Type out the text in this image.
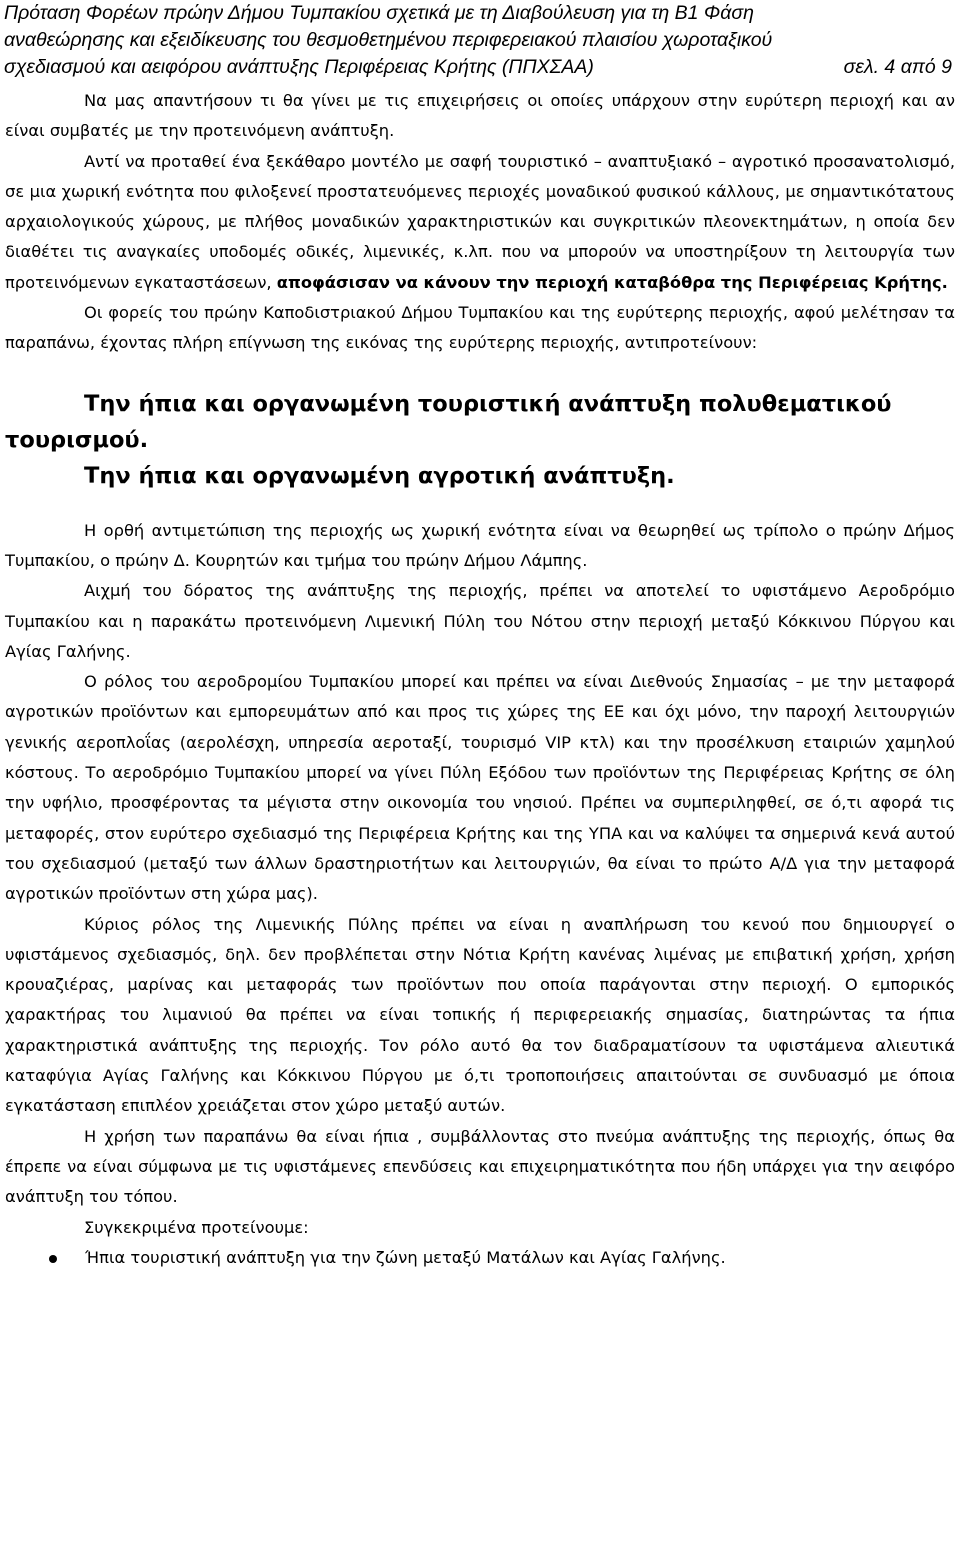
Πρόταση Φορέων πρώην Δήμου Τυμπακίου σχετικά με τη Διαβούλευση για τη Β1 Φάση
αναθεώρησης και εξειδίκευσης του θεσμοθετημένου περιφερειακού πλαισίου χωροταξικού
σχεδιασμού και αειφόρου ανάπτυξης Περιφέρειας Κρήτης (ΠΠΧΣΑΑ)	σελ. 4 από 9

Να μας απαντήσουν τι θα γίνει με τις επιχειρήσεις οι οποίες υπάρχουν στην ευρύτερη περιοχή και αν είναι συμβατές με την προτεινόμενη ανάπτυξη.

Αντί να προταθεί ένα ξεκάθαρο μοντέλο με σαφή τουριστικό – αναπτυξιακό – αγροτικό προσανατολισμό, σε μια χωρική ενότητα που φιλοξενεί προστατευόμενες περιοχές μοναδικού φυσικού κάλλους, με σημαντικότατους αρχαιολογικούς χώρους, με πλήθος μοναδικών χαρακτηριστικών και συγκριτικών πλεονεκτημάτων, η οποία δεν διαθέτει τις αναγκαίες υποδομές οδικές, λιμενικές, κ.λπ. που να μπορούν να υποστηρίξουν τη λειτουργία των προτεινόμενων εγκαταστάσεων, αποφάσισαν να κάνουν την περιοχή καταβόθρα της Περιφέρειας Κρήτης.

Οι φορείς του πρώην Καποδιστριακού Δήμου Τυμπακίου και της ευρύτερης περιοχής, αφού μελέτησαν τα παραπάνω, έχοντας πλήρη επίγνωση της εικόνας της ευρύτερης περιοχής, αντιπροτείνουν:

Την ήπια και οργανωμένη τουριστική ανάπτυξη πολυθεματικού τουρισμού.

Την ήπια και οργανωμένη αγροτική ανάπτυξη.

Η ορθή αντιμετώπιση της περιοχής ως χωρική ενότητα είναι να θεωρηθεί ως τρίπολο ο πρώην Δήμος Τυμπακίου, ο πρώην Δ. Κουρητών και τμήμα του πρώην Δήμου Λάμπης.

Αιχμή του δόρατος της ανάπτυξης της περιοχής, πρέπει να αποτελεί το υφιστάμενο Αεροδρόμιο Τυμπακίου και η παρακάτω προτεινόμενη Λιμενική Πύλη του Νότου στην περιοχή μεταξύ Κόκκινου Πύργου και Αγίας Γαλήνης.

Ο ρόλος του αεροδρομίου Τυμπακίου μπορεί και πρέπει να είναι Διεθνούς Σημασίας – με την μεταφορά αγροτικών προϊόντων και εμπορευμάτων από και προς τις χώρες της ΕΕ και όχι μόνο, την παροχή λειτουργιών γενικής αεροπλοΐας (αερολέσχη, υπηρεσία αεροταξί, τουρισμό VIP κτλ) και την προσέλκυση εταιριών χαμηλού κόστους. Το αεροδρόμιο Τυμπακίου μπορεί να γίνει Πύλη Εξόδου των προϊόντων της Περιφέρειας Κρήτης σε όλη την υφήλιο, προσφέροντας τα μέγιστα στην οικονομία του νησιού. Πρέπει να συμπεριληφθεί, σε ό,τι αφορά τις μεταφορές, στον ευρύτερο σχεδιασμό της Περιφέρεια Κρήτης και της ΥΠΑ και να καλύψει τα σημερινά κενά αυτού του σχεδιασμού (μεταξύ των άλλων δραστηριοτήτων και λειτουργιών, θα είναι το πρώτο Α/Δ για την μεταφορά αγροτικών προϊόντων στη χώρα μας).

Κύριος ρόλος της Λιμενικής Πύλης πρέπει να είναι η αναπλήρωση του κενού που δημιουργεί ο υφιστάμενος σχεδιασμός, δηλ. δεν προβλέπεται στην Νότια Κρήτη κανένας λιμένας με επιβατική χρήση, χρήση κρουαζιέρας, μαρίνας και μεταφοράς των προϊόντων που οποία παράγονται στην περιοχή. Ο εμπορικός χαρακτήρας του λιμανιού θα πρέπει να είναι τοπικής ή περιφερειακής σημασίας, διατηρώντας τα ήπια χαρακτηριστικά ανάπτυξης της περιοχής. Τον ρόλο αυτό θα τον διαδραματίσουν τα υφιστάμενα αλιευτικά καταφύγια Αγίας Γαλήνης και Κόκκινου Πύργου με ό,τι τροποποιήσεις απαιτούνται σε συνδυασμό με όποια εγκατάσταση επιπλέον χρειάζεται στον χώρο μεταξύ αυτών.

Η χρήση των παραπάνω θα είναι ήπια , συμβάλλοντας στο πνεύμα ανάπτυξης της περιοχής, όπως θα έπρεπε να είναι σύμφωνα με τις υφιστάμενες επενδύσεις και επιχειρηματικότητα που ήδη υπάρχει για την αειφόρο ανάπτυξη του τόπου.

Συγκεκριμένα προτείνουμε:

Ήπια τουριστική ανάπτυξη για την ζώνη μεταξύ Ματάλων και Αγίας Γαλήνης.
